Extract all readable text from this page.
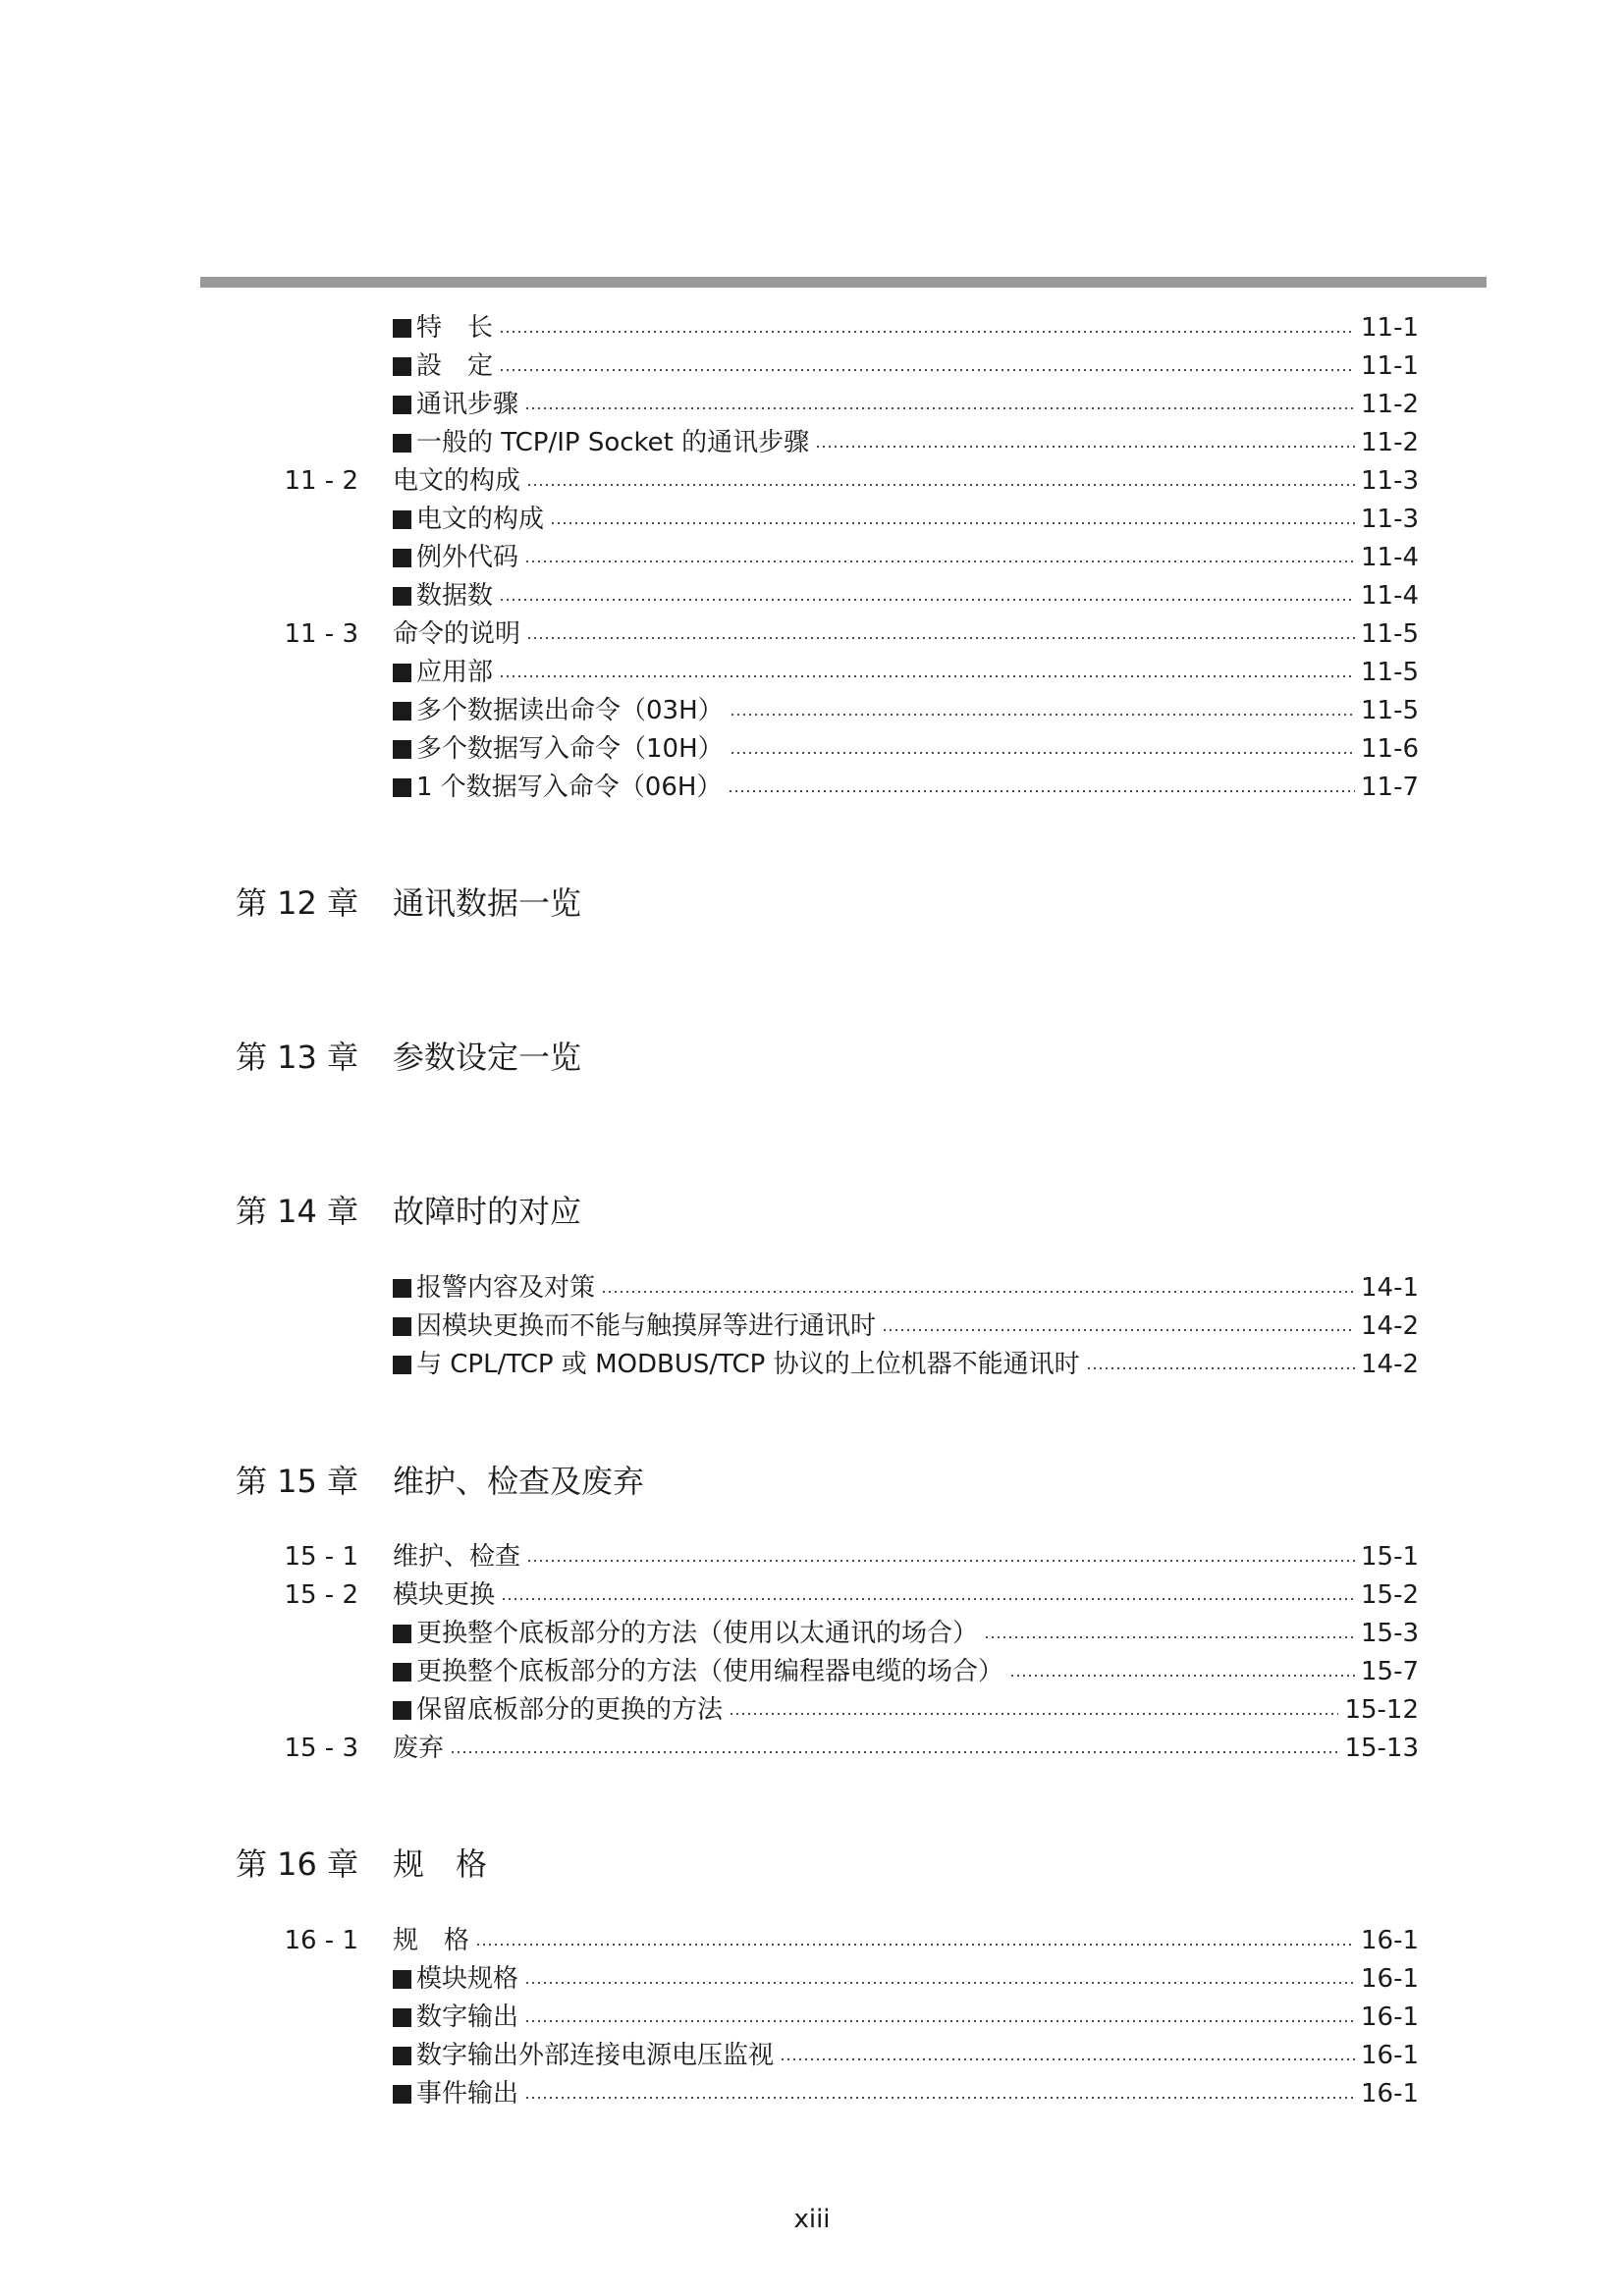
特　长	11-1
設　定	11-1
通讯步骤	11-2
一般的 TCP/IP Socket 的通讯步骤	11-2
11 - 2 电文的构成	11-3
电文的构成	11-3
例外代码	11-4
数据数	11-4
11 - 3 命令的说明	11-5
应用部	11-5
多个数据读出命令（03H）	11-5
多个数据写入命令（10H）	11-6
1 个数据写入命令（06H）	11-7
第 12 章 通讯数据一览
第 13 章 参数设定一览
第 14 章 故障时的对应
报警内容及对策	14-1
因模块更换而不能与触摸屏等进行通讯时	14-2
与 CPL/TCP 或 MODBUS/TCP 协议的上位机器不能通讯时	14-2
第 15 章 维护、检查及废弃
15 - 1 维护、检查	15-1
15 - 2 模块更换	15-2
更换整个底板部分的方法（使用以太通讯的场合）	15-3
更换整个底板部分的方法（使用编程器电缆的场合）	15-7
保留底板部分的更换的方法	15-12
15 - 3 废弃	15-13
第 16 章 规　格
16 - 1 规　格	16-1
模块规格	16-1
数字输出	16-1
数字输出外部连接电源电压监视	16-1
事件输出	16-1
xiii
